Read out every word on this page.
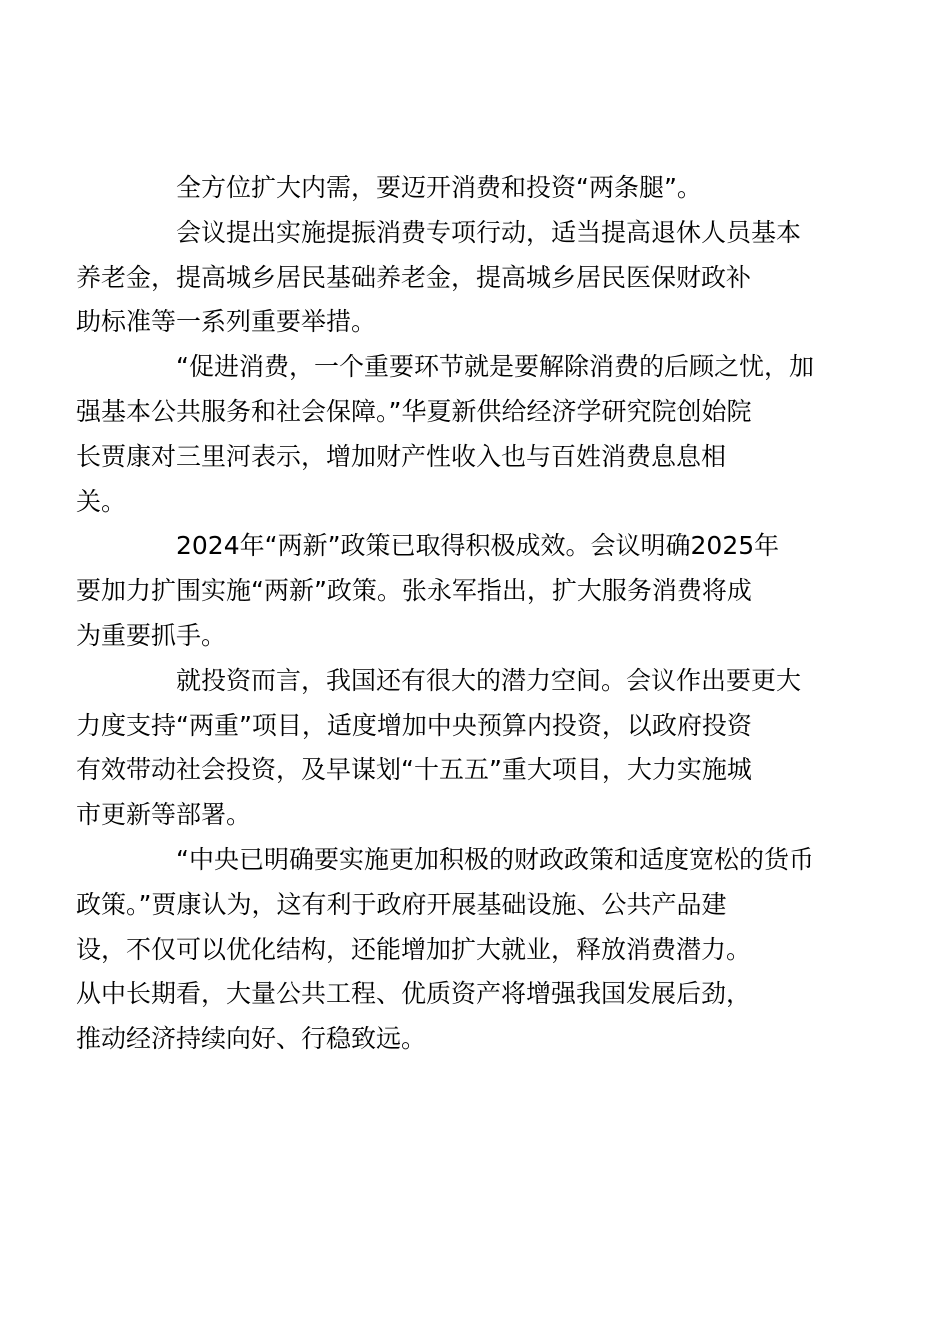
全方位扩大内需，要迈开消费和投资“两条腿”。

会议提出实施提振消费专项行动，适当提高退休人员基本
养老金，提高城乡居民基础养老金，提高城乡居民医保财政补
助标准等一系列重要举措。

“促进消费，一个重要环节就是要解除消费的后顾之忧，加
强基本公共服务和社会保障。”华夏新供给经济学研究院创始院
长贾康对三里河表示，增加财产性收入也与百姓消费息息相
关。

2024年“两新”政策已取得积极成效。会议明确2025年
要加力扩围实施“两新”政策。张永军指出，扩大服务消费将成
为重要抓手。

就投资而言，我国还有很大的潜力空间。会议作出要更大
力度支持“两重”项目，适度增加中央预算内投资，以政府投资
有效带动社会投资，及早谋划“十五五”重大项目，大力实施城
市更新等部署。

“中央已明确要实施更加积极的财政政策和适度宽松的货币
政策。”贾康认为，这有利于政府开展基础设施、公共产品建
设，不仅可以优化结构，还能增加扩大就业，释放消费潜力。
从中长期看，大量公共工程、优质资产将增强我国发展后劲，
推动经济持续向好、行稳致远。
